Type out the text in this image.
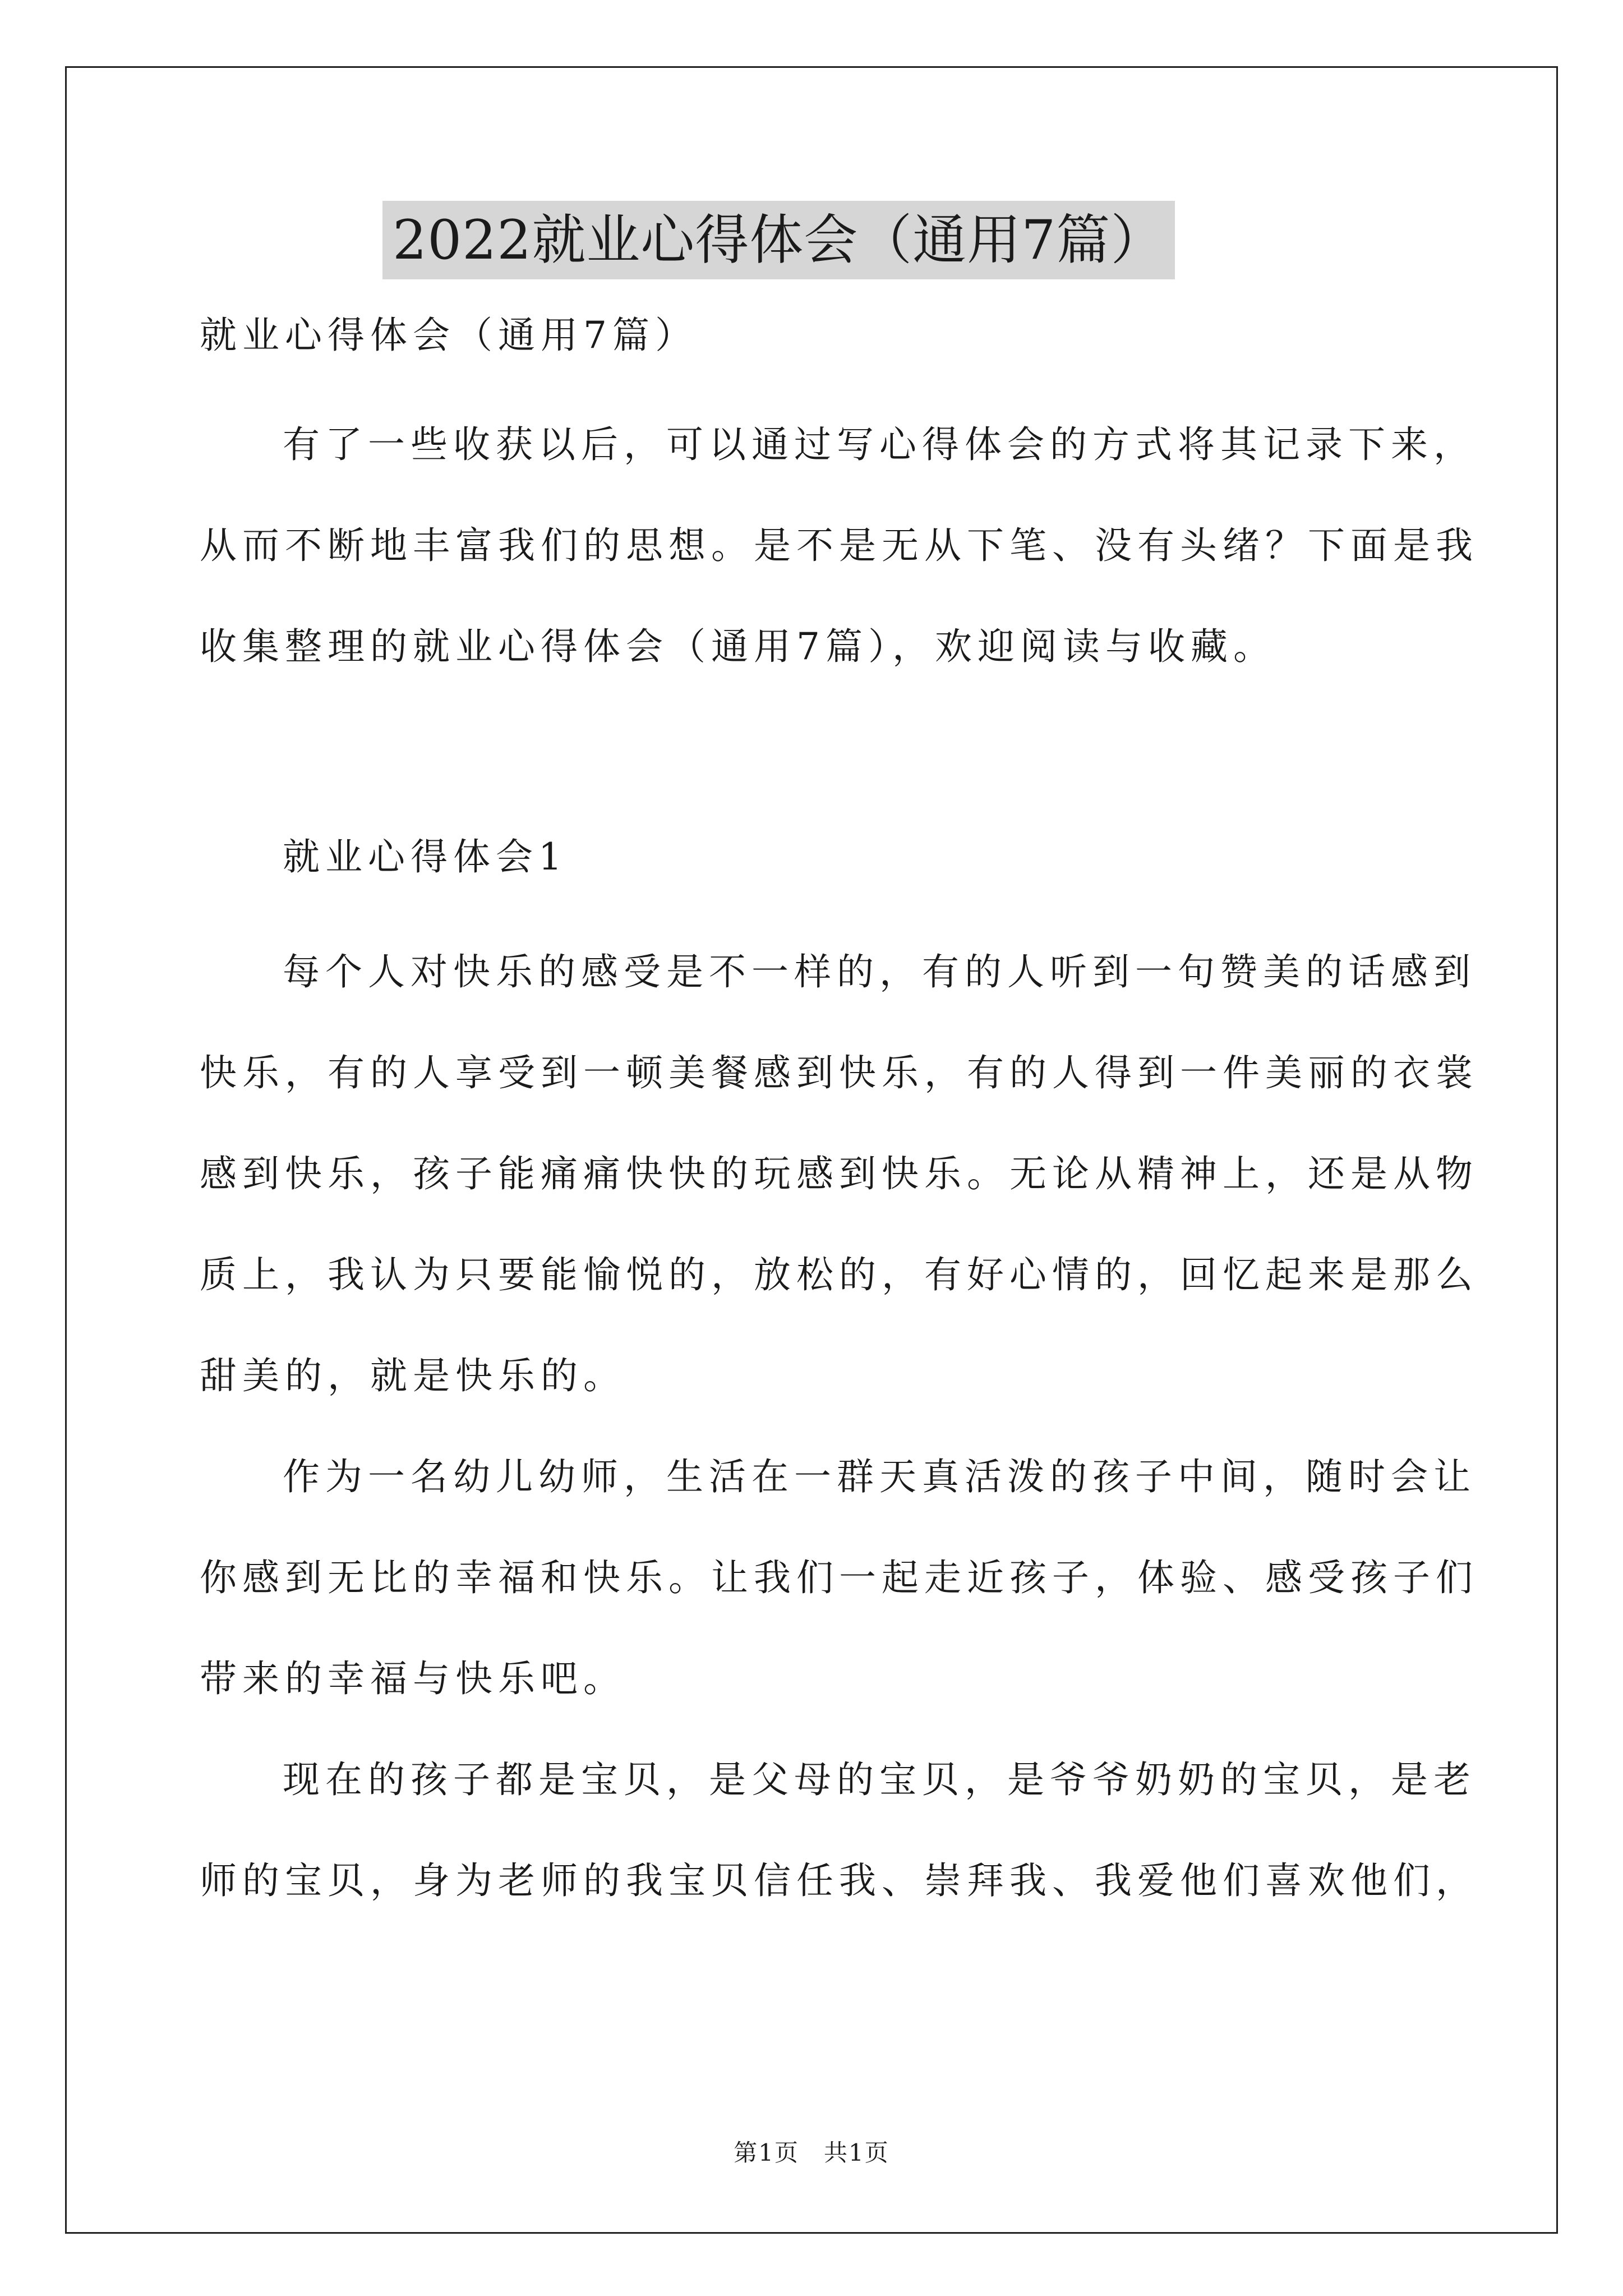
2022就业心得体会（通用7篇）
就业心得体会（通用7篇）
有了一些收获以后，可以通过写心得体会的方式将其记录下来，
从而不断地丰富我们的思想。是不是无从下笔、没有头绪？下面是我
收集整理的就业心得体会（通用7篇），欢迎阅读与收藏。
就业心得体会1
每个人对快乐的感受是不一样的，有的人听到一句赞美的话感到
快乐，有的人享受到一顿美餐感到快乐，有的人得到一件美丽的衣裳
感到快乐，孩子能痛痛快快的玩感到快乐。无论从精神上，还是从物
质上，我认为只要能愉悦的，放松的，有好心情的，回忆起来是那么
甜美的，就是快乐的。
作为一名幼儿幼师，生活在一群天真活泼的孩子中间，随时会让
你感到无比的幸福和快乐。让我们一起走近孩子，体验、感受孩子们
带来的幸福与快乐吧。
现在的孩子都是宝贝，是父母的宝贝，是爷爷奶奶的宝贝，是老
师的宝贝，身为老师的我宝贝信任我、崇拜我、我爱他们喜欢他们，
第1页　共1页
